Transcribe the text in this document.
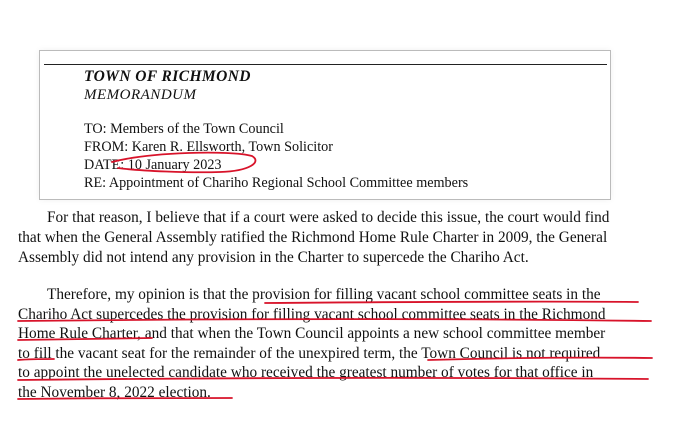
TOWN OF RICHMOND
MEMORANDUM
TO: Members of the Town Council
FROM: Karen R. Ellsworth, Town Solicitor
DATE: 10 January 2023
RE: Appointment of Chariho Regional School Committee members
For that reason, I believe that if a court were asked to decide this issue, the court would find
that when the General Assembly ratified the Richmond Home Rule Charter in 2009, the General
Assembly did not intend any provision in the Charter to supercede the Chariho Act.
Therefore, my opinion is that the provision for filling vacant school committee seats in the
Chariho Act supercedes the provision for filling vacant school committee seats in the Richmond
Home Rule Charter, and that when the Town Council appoints a new school committee member
to fill the vacant seat for the remainder of the unexpired term, the Town Council is not required
to appoint the unelected candidate who received the greatest number of votes for that office in
the November 8, 2022 election.
